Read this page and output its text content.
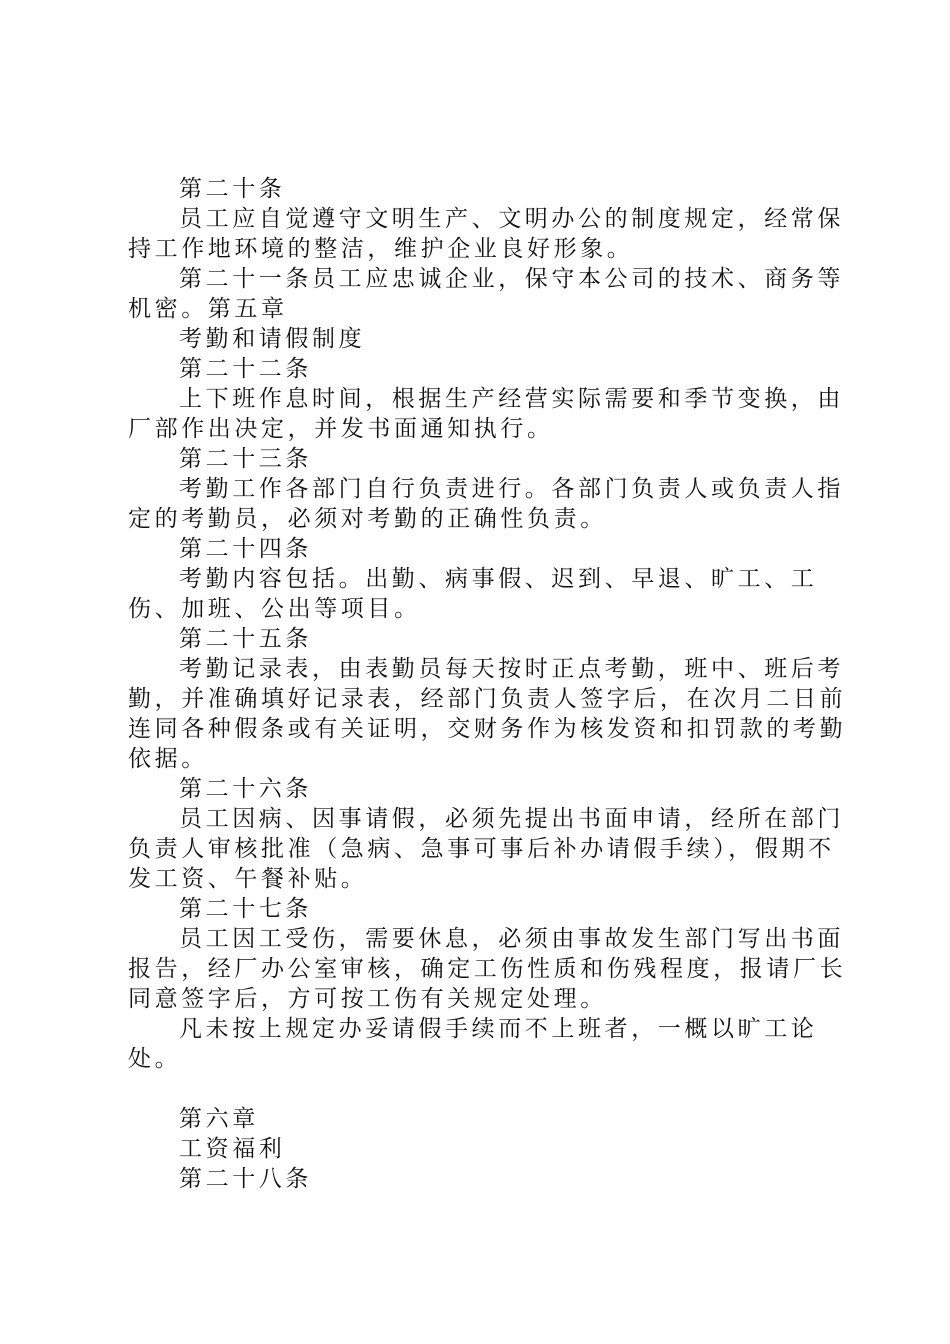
第二十条

员工应自觉遵守文明生产、文明办公的制度规定，经常保持工作地环境的整洁，维护企业良好形象。

第二十一条员工应忠诚企业，保守本公司的技术、商务等机密。第五章

考勤和请假制度

第二十二条

上下班作息时间，根据生产经营实际需要和季节变换，由厂部作出决定，并发书面通知执行。

第二十三条

考勤工作各部门自行负责进行。各部门负责人或负责人指定的考勤员，必须对考勤的正确性负责。

第二十四条

考勤内容包括。出勤、病事假、迟到、早退、旷工、工伤、加班、公出等项目。

第二十五条

考勤记录表，由表勤员每天按时正点考勤，班中、班后考勤，并准确填好记录表，经部门负责人签字后，在次月二日前连同各种假条或有关证明，交财务作为核发资和扣罚款的考勤依据。

第二十六条

员工因病、因事请假，必须先提出书面申请，经所在部门负责人审核批准（急病、急事可事后补办请假手续），假期不发工资、午餐补贴。

第二十七条

员工因工受伤，需要休息，必须由事故发生部门写出书面报告，经厂办公室审核，确定工伤性质和伤残程度，报请厂长同意签字后，方可按工伤有关规定处理。

凡未按上规定办妥请假手续而不上班者，一概以旷工论处。

第六章

工资福利

第二十八条
